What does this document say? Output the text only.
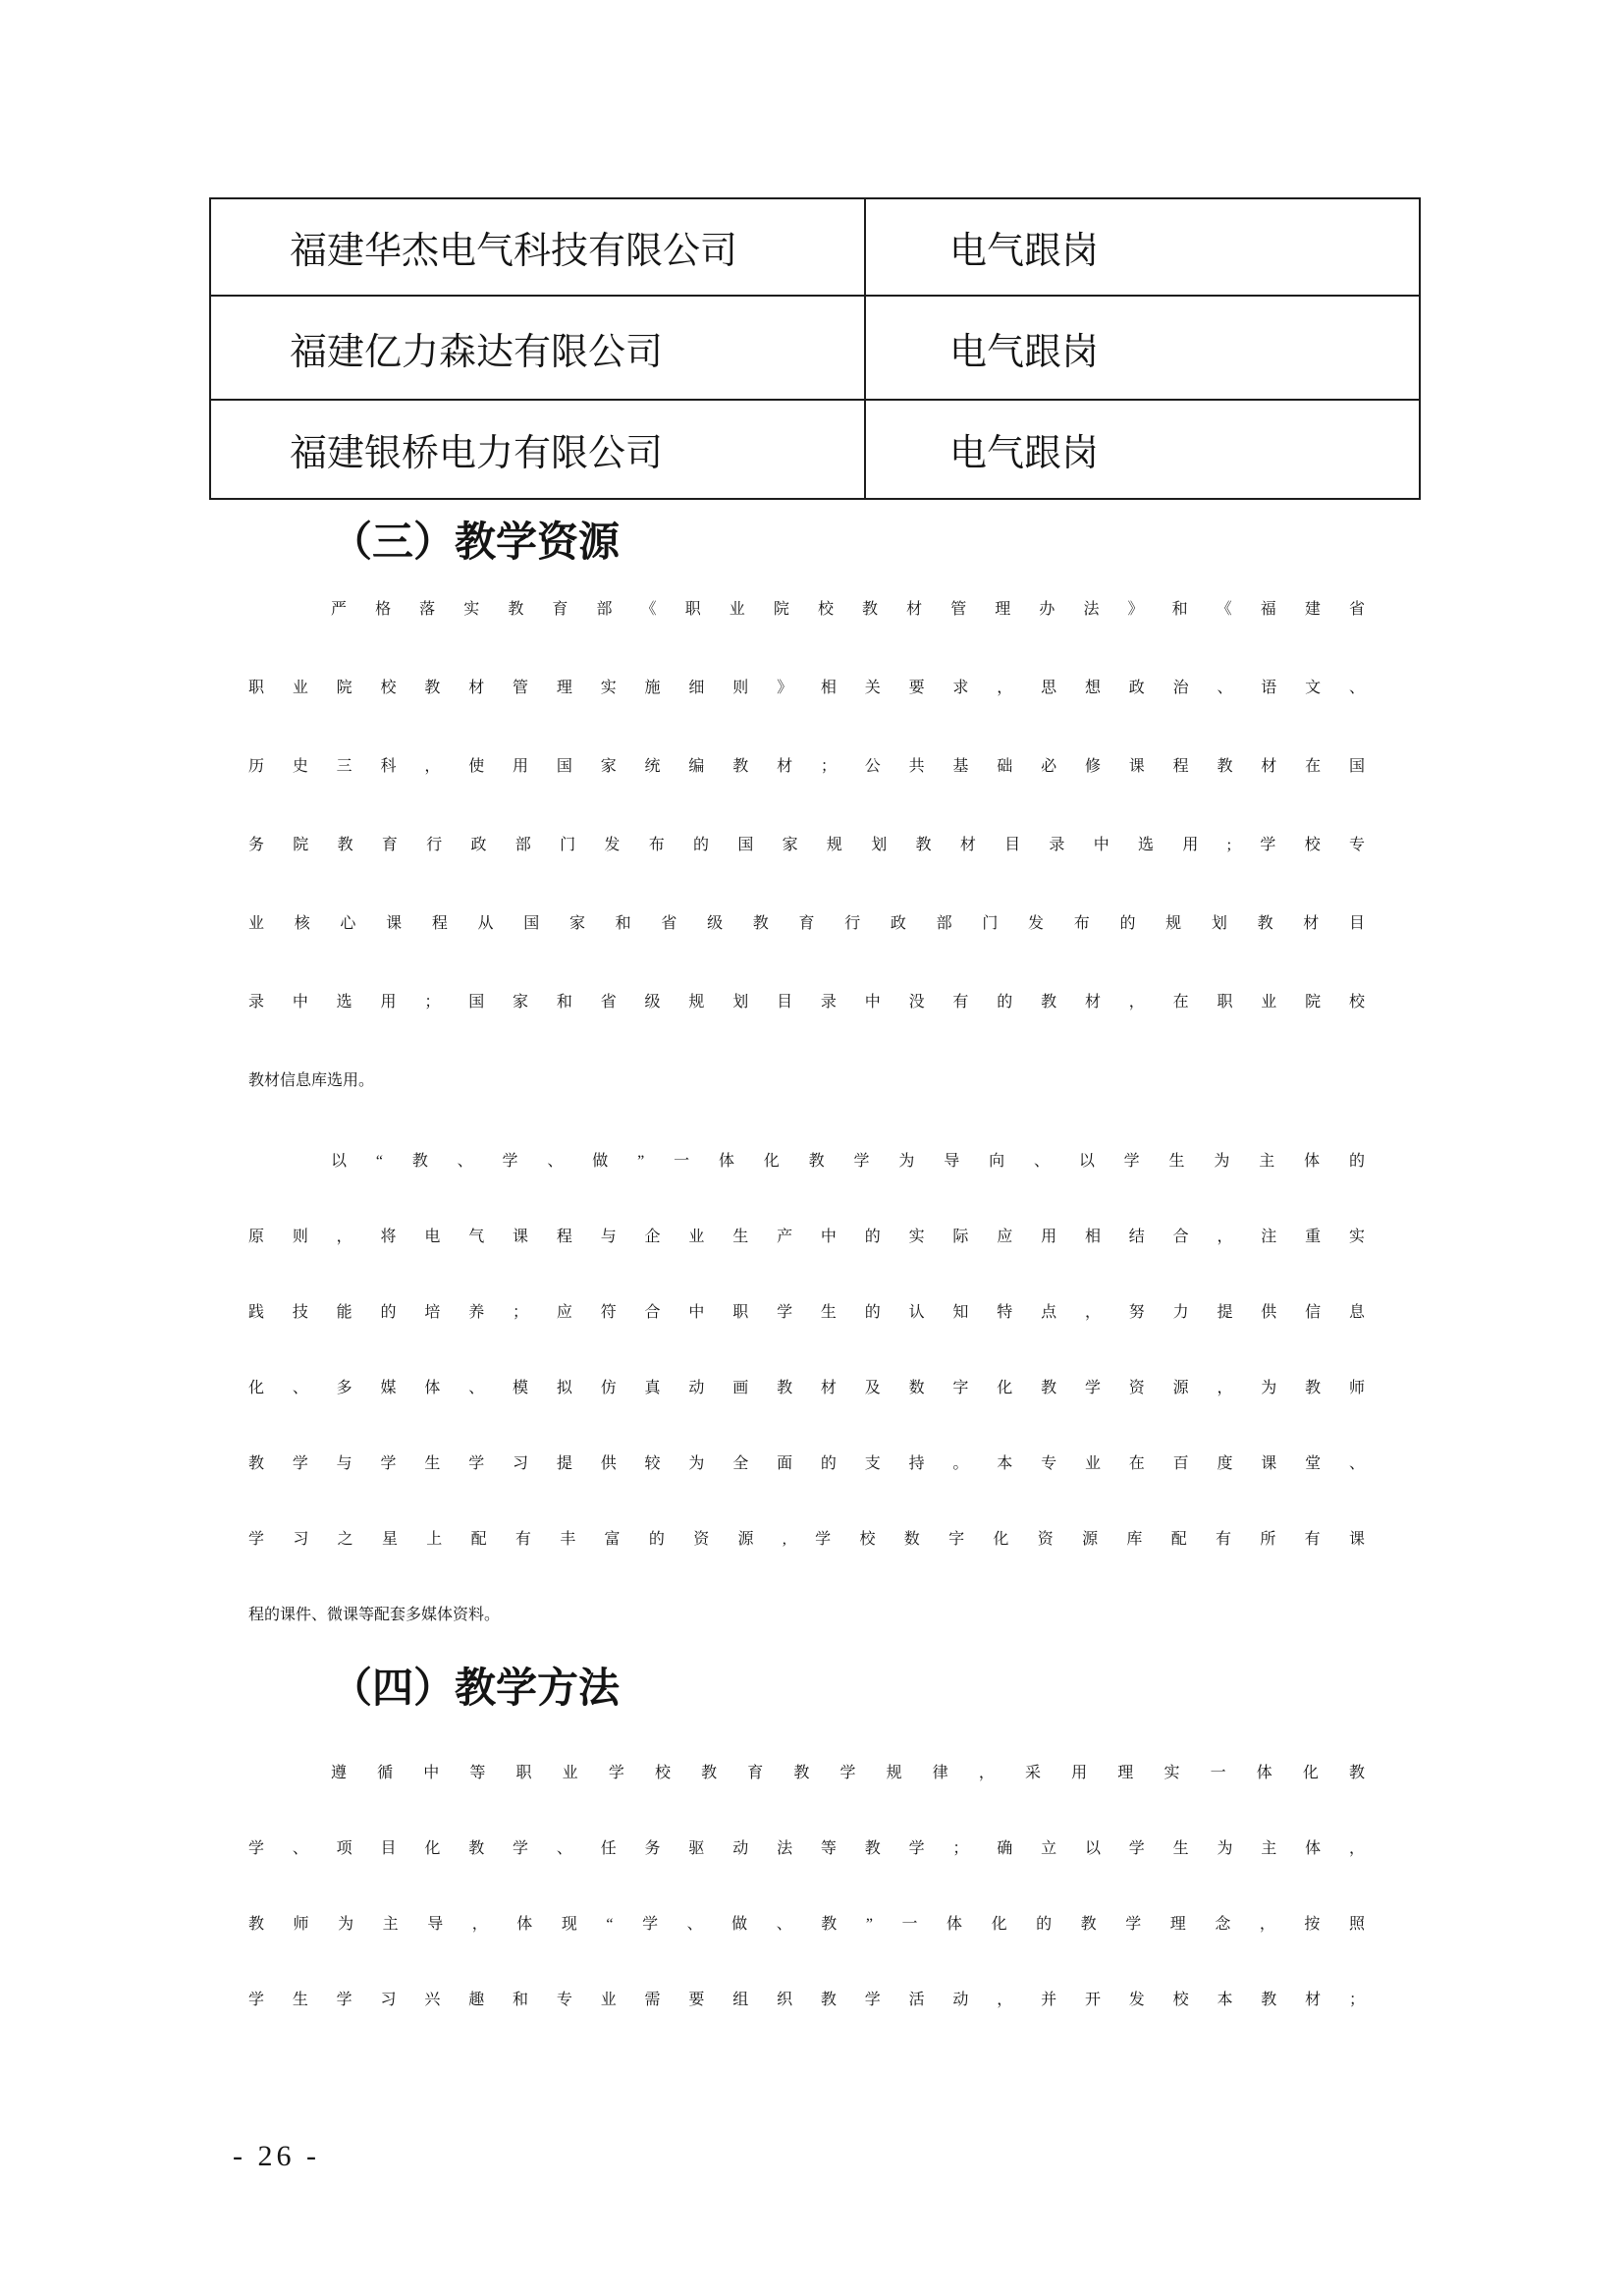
福建华杰电气科技有限公司	电气跟岗
福建亿力森达有限公司	电气跟岗
福建银桥电力有限公司	电气跟岗
（三）教学资源
严格落实教育部《职业院校教材管理办法》和《福建省
职业院校教材管理实施细则》相关要求，思想政治、语文、
历史三科，使用国家统编教材；公共基础必修课程教材在国
务院教育行政部门发布的国家规划教材目录中选用;学校专
业核心课程从国家和省级教育行政部门发布的规划教材目
录中选用；国家和省级规划目录中没有的教材，在职业院校
教材信息库选用。
以“教、学、做”一体化教学为导向、以学生为主体的
原则，将电气课程与企业生产中的实际应用相结合，注重实
践技能的培养；应符合中职学生的认知特点，努力提供信息
化、多媒体、模拟仿真动画教材及数字化教学资源，为教师
教学与学生学习提供较为全面的支持。本专业在百度课堂、
学习之星上配有丰富的资源,学校数字化资源库配有所有课
程的课件、微课等配套多媒体资料。
（四）教学方法
遵循中等职业学校教育教学规律，采用理实一体化教
学、项目化教学、任务驱动法等教学；确立以学生为主体，
教师为主导，体现“学、做、教”一体化的教学理念，按照
学生学习兴趣和专业需要组织教学活动，并开发校本教材；
- 26 -
